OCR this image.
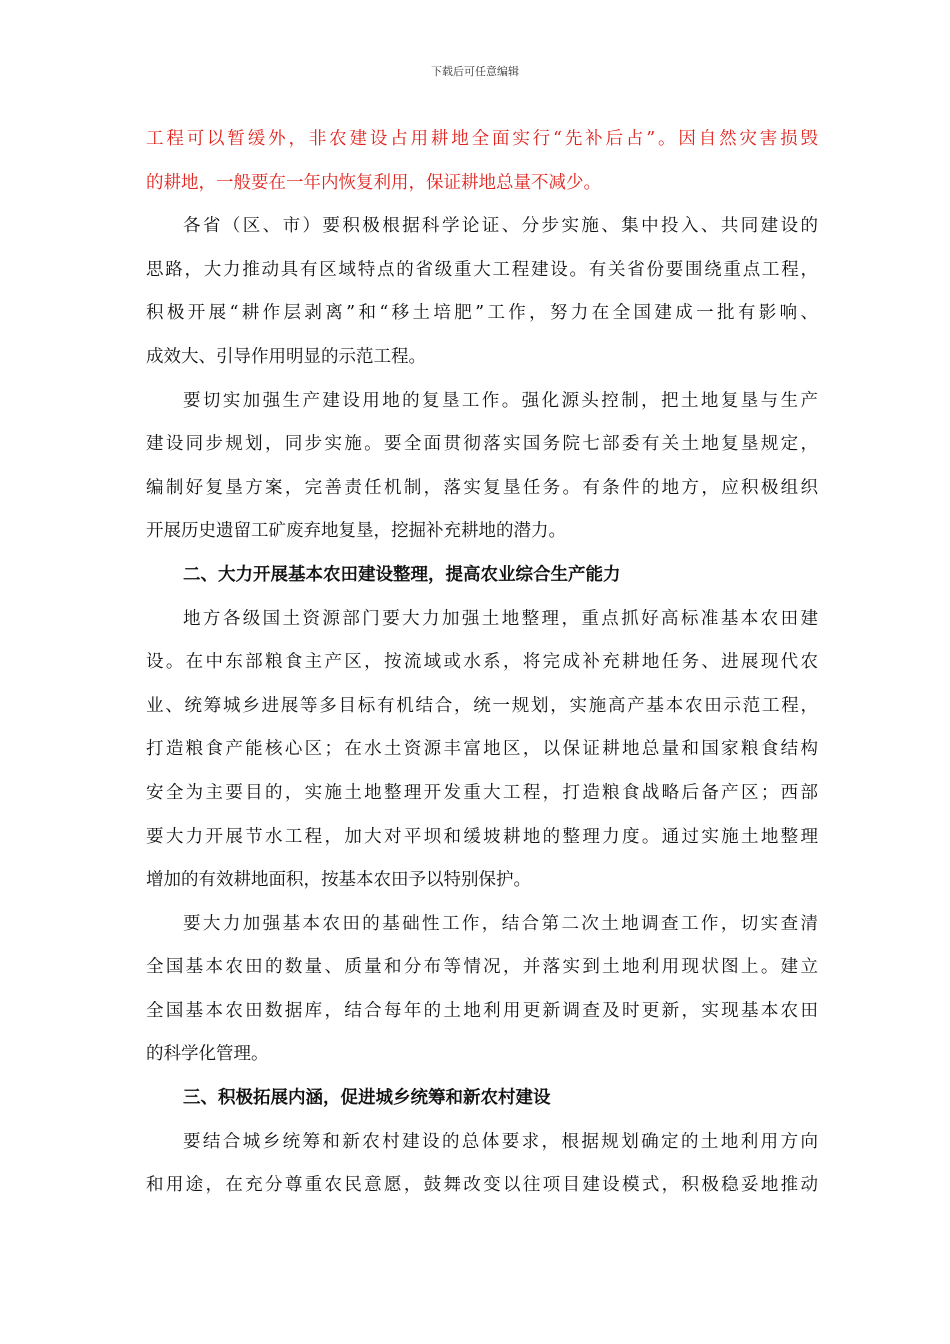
下载后可任意编辑
工程可以暂缓外，非农建设占用耕地全面实行“先补后占”。因自然灾害损毁
的耕地，一般要在一年内恢复利用，保证耕地总量不减少。
各省（区、市）要积极根据科学论证、分步实施、集中投入、共同建设的
思路，大力推动具有区域特点的省级重大工程建设。有关省份要围绕重点工程，
积极开展“耕作层剥离”和“移土培肥”工作，努力在全国建成一批有影响、
成效大、引导作用明显的示范工程。
要切实加强生产建设用地的复垦工作。强化源头控制，把土地复垦与生产
建设同步规划，同步实施。要全面贯彻落实国务院七部委有关土地复垦规定，
编制好复垦方案，完善责任机制，落实复垦任务。有条件的地方，应积极组织
开展历史遗留工矿废弃地复垦，挖掘补充耕地的潜力。
二、大力开展基本农田建设整理，提高农业综合生产能力
地方各级国土资源部门要大力加强土地整理，重点抓好高标准基本农田建
设。在中东部粮食主产区，按流域或水系，将完成补充耕地任务、进展现代农
业、统筹城乡进展等多目标有机结合，统一规划，实施高产基本农田示范工程，
打造粮食产能核心区；在水土资源丰富地区，以保证耕地总量和国家粮食结构
安全为主要目的，实施土地整理开发重大工程，打造粮食战略后备产区；西部
要大力开展节水工程，加大对平坝和缓坡耕地的整理力度。通过实施土地整理
增加的有效耕地面积，按基本农田予以特别保护。
要大力加强基本农田的基础性工作，结合第二次土地调查工作，切实查清
全国基本农田的数量、质量和分布等情况，并落实到土地利用现状图上。建立
全国基本农田数据库，结合每年的土地利用更新调查及时更新，实现基本农田
的科学化管理。
三、积极拓展内涵，促进城乡统筹和新农村建设
要结合城乡统筹和新农村建设的总体要求，根据规划确定的土地利用方向
和用途，在充分尊重农民意愿，鼓舞改变以往项目建设模式，积极稳妥地推动
